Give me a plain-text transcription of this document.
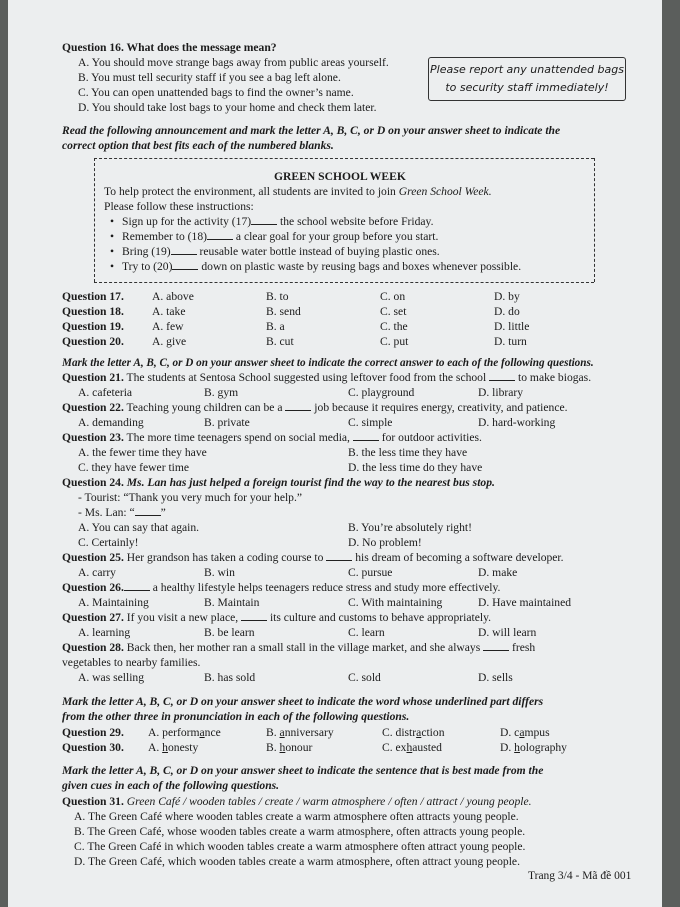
Question 16. What does the message mean?
A. You should move strange bags away from public areas yourself.
B. You must tell security staff if you see a bag left alone.
C. You can open unattended bags to find the owner’s name.
D. You should take lost bags to your home and check them later.
Please report any unattended bags
to security staff immediately!
Read the following announcement and mark the letter A, B, C, or D on your answer sheet to indicate the
correct option that best fits each of the numbered blanks.
GREEN SCHOOL WEEK
To help protect the environment, all students are invited to join Green School Week.
Please follow these instructions:
• Sign up for the activity (17) the school website before Friday.
• Remember to (18) a clear goal for your group before you start.
• Bring (19) reusable water bottle instead of buying plastic ones.
• Try to (20) down on plastic waste by reusing bags and boxes whenever possible.
Question 17. A. above	B. to	C. on	D. by
Question 18. A. take	B. send	C. set	D. do
Question 19. A. few	B. a	C. the	D. little
Question 20. A. give	B. cut	C. put	D. turn
Mark the letter A, B, C, or D on your answer sheet to indicate the correct answer to each of the following questions.
Question 21. The students at Sentosa School suggested using leftover food from the school  to make biogas.
A. cafeteria	B. gym	C. playground	D. library
Question 22. Teaching young children can be a  job because it requires energy, creativity, and patience.
A. demanding	B. private	C. simple	D. hard-working
Question 23. The more time teenagers spend on social media,  for outdoor activities.
A. the fewer time they have	B. the less time they have
C. they have fewer time	D. the less time do they have
Question 24. Ms. Lan has just helped a foreign tourist find the way to the nearest bus stop.
- Tourist: “Thank you very much for your help.”
- Ms. Lan: “ ”
A. You can say that again.	B. You’re absolutely right!
C. Certainly!	D. No problem!
Question 25. Her grandson has taken a coding course to  his dream of becoming a software developer.
A. carry	B. win	C. pursue	D. make
Question 26. a healthy lifestyle helps teenagers reduce stress and study more effectively.
A. Maintaining	B. Maintain	C. With maintaining	D. Have maintained
Question 27. If you visit a new place,  its culture and customs to behave appropriately.
A. learning	B. be learn	C. learn	D. will learn
Question 28. Back then, her mother ran a small stall in the village market, and she always  fresh
vegetables to nearby families.
A. was selling	B. has sold	C. sold	D. sells
Mark the letter A, B, C, or D on your answer sheet to indicate the word whose underlined part differs
from the other three in pronunciation in each of the following questions.
Question 29. A. performance	B. anniversary	C. distraction	D. campus
Question 30. A. honesty	B. honour	C. exhausted	D. holography
Mark the letter A, B, C, or D on your answer sheet to indicate the sentence that is best made from the
given cues in each of the following questions.
Question 31. Green Café / wooden tables / create / warm atmosphere / often / attract / young people.
A. The Green Café where wooden tables create a warm atmosphere often attracts young people.
B. The Green Café, whose wooden tables create a warm atmosphere, often attracts young people.
C. The Green Café in which wooden tables create a warm atmosphere often attract young people.
D. The Green Café, which wooden tables create a warm atmosphere, often attract young people.
Trang 3/4 - Mã đề 001
